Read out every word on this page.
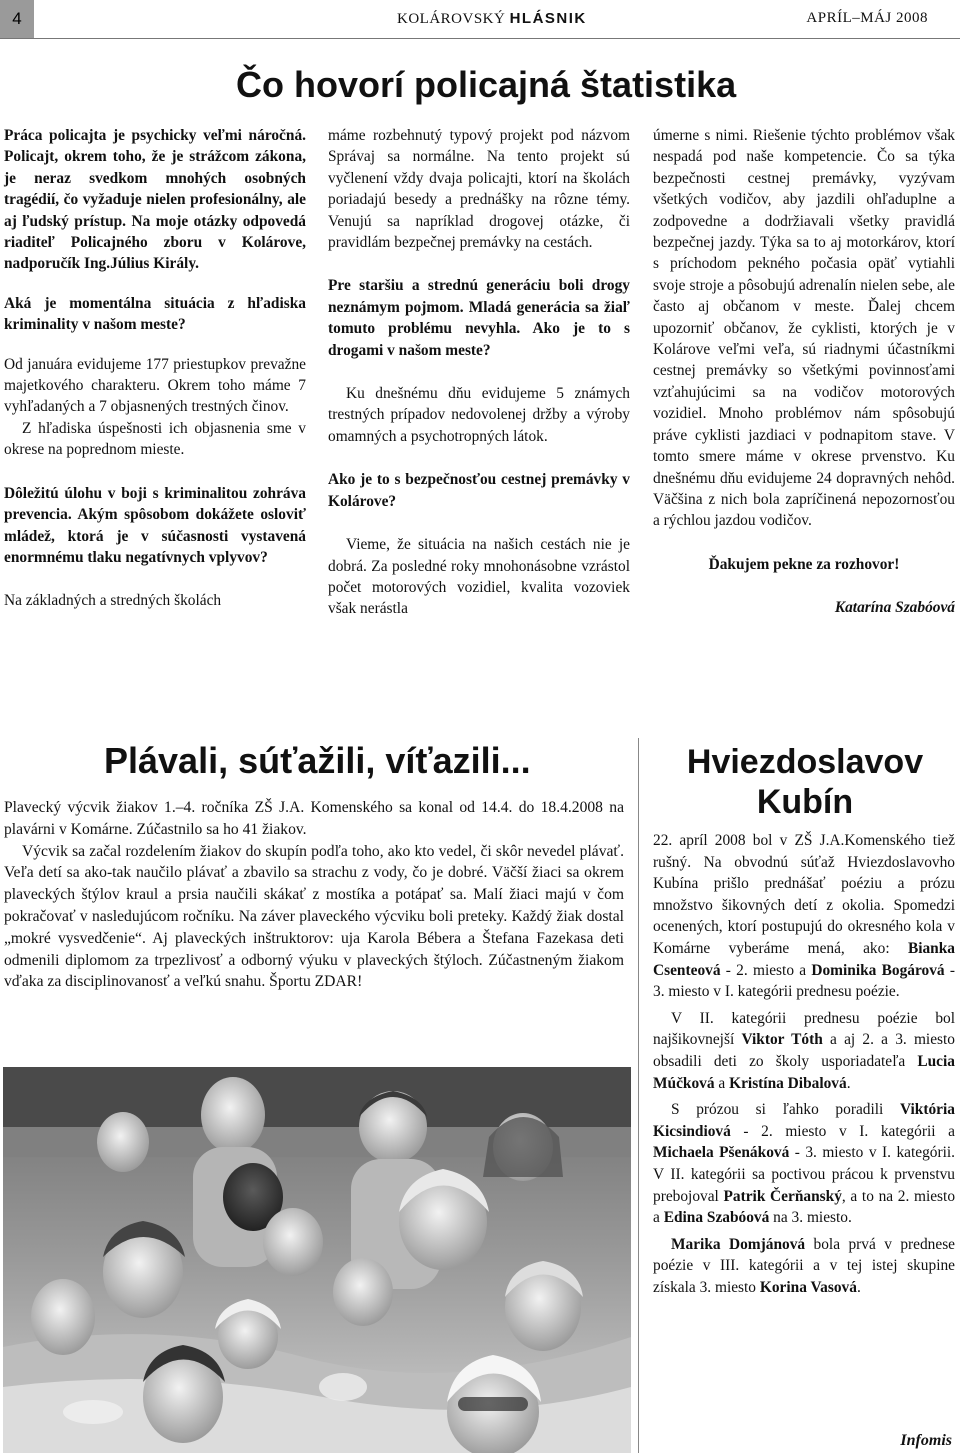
4	KOLÁROVSKÝ HLÁSNIK	APRÍL–MÁJ 2008
Čo hovorí policajná štatistika

Práca policajta je psychicky veľmi náročná. Policajt, okrem toho, že je strážcom zákona, je neraz svedkom mnohých osobných tragédií, čo vyžaduje nielen profesionálny, ale aj ľudský prístup. Na moje otázky odpovedá riaditeľ Policajného zboru v Kolárove, nadporučík Ing.Július Király.

Aká je momentálna situácia z hľadiska kriminality v našom meste?

Od januára evidujeme 177 priestupkov prevažne majetkového charakteru. Okrem toho máme 7 vyhľadaných a 7 objasnených trestných činov.

Z hľadiska úspešnosti ich objasnenia sme v okrese na poprednom mieste.

Dôležitú úlohu v boji s kriminalitou zohráva prevencia. Akým spôsobom dokážete osloviť mládež, ktorá je v súčasnosti vystavená enormnému tlaku negatívnych vplyvov?

Na základných a stredných školách

máme rozbehnutý typový projekt pod názvom Správaj sa normálne. Na tento projekt sú vyčlenení vždy dvaja policajti, ktorí na školách poriadajú besedy a prednášky na rôzne témy. Venujú sa napríklad drogovej otázke, či pravidlám bezpečnej premávky na cestách.

Pre staršiu a strednú generáciu boli drogy neznámym pojmom. Mladá generácia sa žiaľ tomuto problému nevyhla. Ako je to s drogami v našom meste?

Ku dnešnému dňu evidujeme 5 známych trestných prípadov nedovolenej držby a výroby omamných a psychotropných látok.

Ako je to s bezpečnosťou cestnej premávky v Kolárove?

Vieme, že situácia na našich cestách nie je dobrá. Za posledné roky mnohonásobne vzrástol počet motorových vozidiel, kvalita vozoviek však nerástla

úmerne s nimi. Riešenie týchto problémov však nespadá pod naše kompetencie. Čo sa týka bezpečnosti cestnej premávky, vyzývam všetkých vodičov, aby jazdili ohľaduplne a zodpovedne a dodržiavali všetky pravidlá bezpečnej jazdy. Týka sa to aj motorkárov, ktorí s príchodom pekného počasia opäť vytiahli svoje stroje a pôsobujú adrenalín nielen sebe, ale často aj občanom v meste. Ďalej chcem upozorniť občanov, že cyklisti, ktorých je v Kolárove veľmi veľa, sú riadnymi účastníkmi cestnej premávky so všetkými povinnosťami vzťahujúcimi sa na vodičov motorových vozidiel. Mnoho problémov nám spôsobujú práve cyklisti jazdiaci v podnapitom stave. V tomto smere máme v okrese prvenstvo. Ku dnešnému dňu evidujeme 24 dopravných nehôd. Väčšina z nich bola zapríčinená nepozornosťou a rýchlou jazdou vodičov.

Ďakujem pekne za rozhovor!

Katarína Szabóová

Plávali, súťažili, víťazili...

Plavecký výcvik žiakov 1.–4. ročníka ZŠ J.A. Komenského sa konal od 14.4. do 18.4.2008 na plavárni v Komárne. Zúčastnilo sa ho 41 žiakov.

Výcvik sa začal rozdelením žiakov do skupín podľa toho, ako kto vedel, či skôr nevedel plávať. Veľa detí sa ako-tak naučilo plávať a zbavilo sa strachu z vody, čo je dobré. Väčší žiaci sa okrem plaveckých štýlov kraul a prsia naučili skákať z mostíka a potápať sa. Malí žiaci majú v čom pokračovať v nasledujúcom ročníku. Na záver plaveckého výcviku boli preteky. Každý žiak dostal „mokré vysvedčenie“. Aj plaveckých inštruktorov: uja Karola Bébera a Štefana Fazekasa deti odmenili diplomom za trpezlivosť a odborný výuku v plaveckých štýloch. Zúčastneným žiakom vďaka za disciplinovanosť a veľkú snahu. Športu ZDAR!

Hviezdoslavov
Kubín

22. apríl 2008 bol v ZŠ J.A.Komenského tiež rušný. Na obvodnú súťaž Hviezdoslavovho Kubína prišlo prednášať poéziu a prózu množstvo šikovných detí z okolia. Spomedzi ocenených, ktorí postupujú do okresného kola v Komárne vyberáme mená, ako: Bianka Csenteová - 2. miesto a Dominika Bogárová - 3. miesto v I. kategórii prednesu poézie.

V II. kategórii prednesu poézie bol najšikovnejší Viktor Tóth a aj 2. a 3. miesto obsadili deti zo školy usporiadateľa Lucia Múčková a Kristína Dibalová.

S prózou si ľahko poradili Viktória Kicsindiová - 2. miesto v I. kategórii a Michaela Pšenáková - 3. miesto v I. kategórii. V II. kategórii sa poctivou prácou k prvenstvu prebojoval Patrik Čerňanský, a to na 2. miesto a Edina Szabóová na 3. miesto.

Marika Domjánová bola prvá v prednese poézie v III. kategórii a v tej istej skupine získala 3. miesto Korina Vasová.

Infomis
